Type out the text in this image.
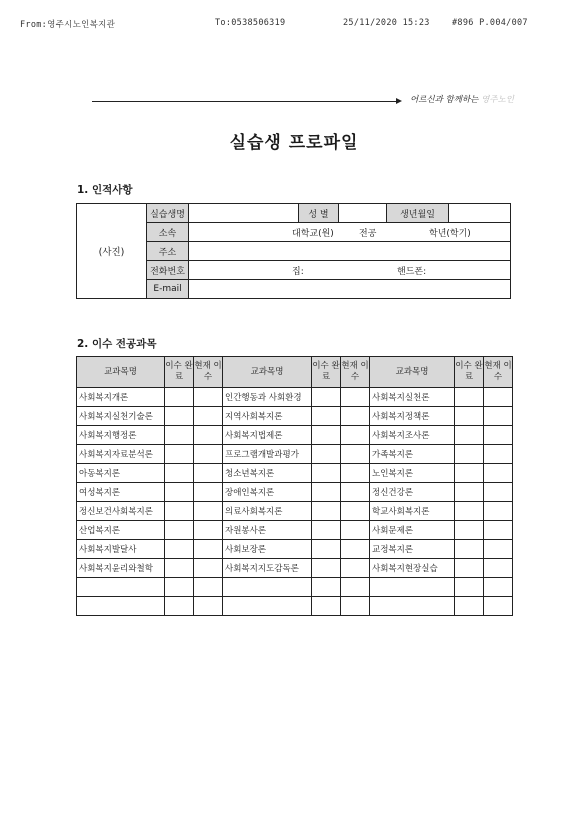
From:영주시노인복지관	To:0538506319	25/11/2020 15:23	#896 P.004/007
어르신과 함께하는 영주노인
실습생 프로파일
1. 인적사항
(사진)	실습생명		성 별		생년월일	
	소속	대학교(원) 전공 학년(학기)				

	주소					
	전화번호	집: 핸드폰:				

	E-mail					
2. 이수 전공과목
교과목명	이수 완료	현재 이수	교과목명	이수 완료	현재 이수	교과목명	이수 완료	현재 이수
사회복지개론			인간행동과 사회환경			사회복지실천론		
사회복지실천기술론			지역사회복지론			사회복지정책론		
사회복지행정론			사회복지법제론			사회복지조사론		
사회복지자료분석론			프로그램개발과평가			가족복지론		
아동복지론			청소년복지론			노인복지론		
여성복지론			장애인복지론			정신건강론		
정신보건사회복지론			의료사회복지론			학교사회복지론		
산업복지론			자원봉사론			사회문제론		
사회복지발달사			사회보장론			교정복지론		
사회복지윤리와철학			사회복지지도감독론			사회복지현장실습		
